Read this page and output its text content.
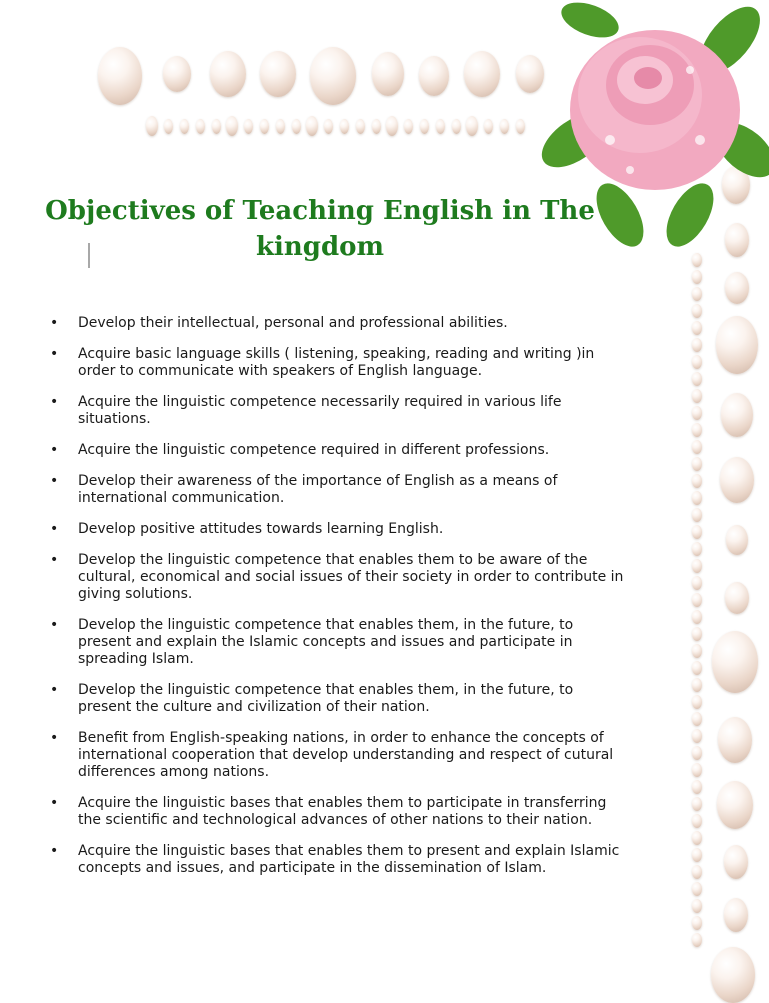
Objectives of Teaching English in The kingdom
• Develop their intellectual, personal and professional abilities.
• Acquire basic language skills ( listening, speaking, reading and writing )in order to communicate with speakers of English language.
• Acquire the linguistic competence necessarily required in various life situations.
• Acquire the linguistic competence required in different professions.
• Develop their awareness of the importance of English as a means of international communication.
• Develop positive attitudes towards learning English.
• Develop the linguistic competence that enables them to be aware of the cultural, economical and social issues of their society in order to contribute in giving solutions.
• Develop the linguistic competence that enables them, in the future, to present and explain the Islamic concepts and issues and participate in spreading Islam.
• Develop the linguistic competence that enables them, in the future, to present the culture and civilization of their nation.
• Benefit from English-speaking nations, in order to enhance the concepts of international cooperation that develop understanding and respect of cutural differences among nations.
• Acquire the linguistic bases that enables them to participate in transferring the scientific and technological advances of other nations to their nation.
• Acquire the linguistic bases that enables them to present and explain Islamic concepts and issues, and participate in the dissemination of Islam.
